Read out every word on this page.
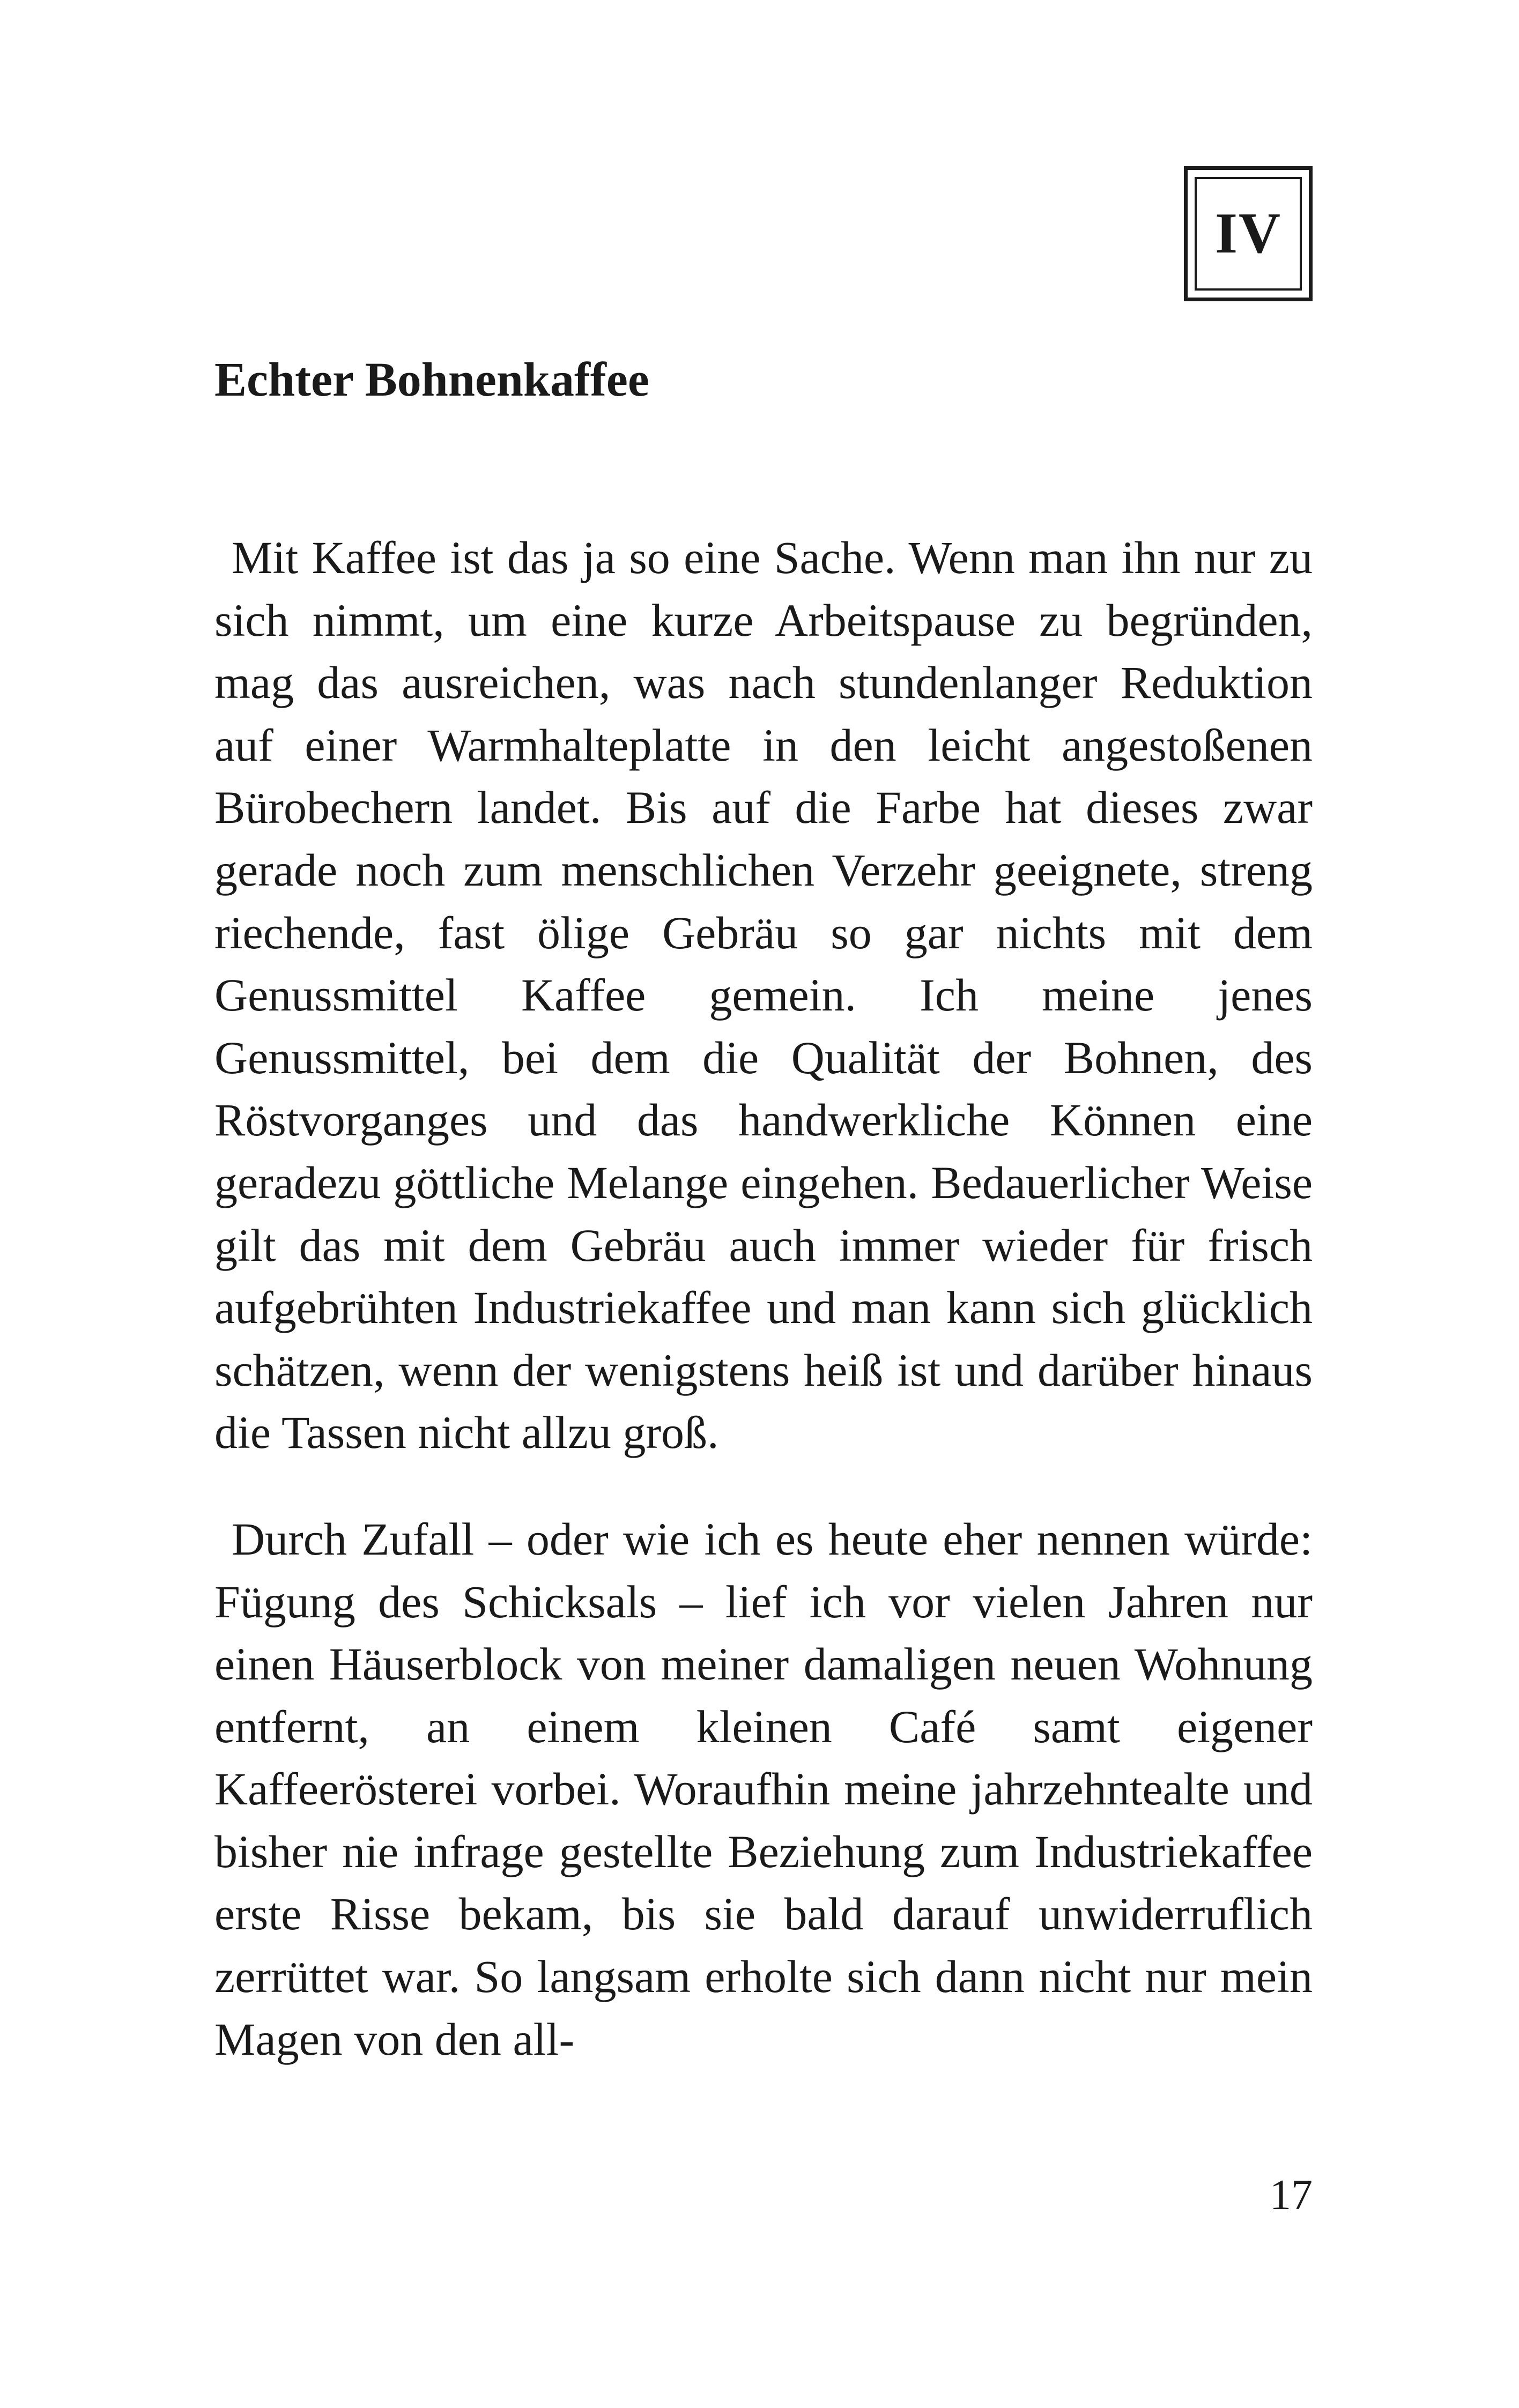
IV
Echter Bohnenkaffee

Mit Kaffee ist das ja so eine Sache. Wenn man ihn nur zu sich nimmt, um eine kurze Arbeitspause zu begründen, mag das ausreichen, was nach stundenlanger Reduktion auf einer Warmhalteplatte in den leicht angestoßenen Bürobechern landet. Bis auf die Farbe hat dieses zwar gerade noch zum menschlichen Verzehr geeignete, streng riechende, fast ölige Gebräu so gar nichts mit dem Genussmittel Kaffee gemein. Ich meine jenes Genussmittel, bei dem die Qualität der Bohnen, des Röstvorganges und das handwerkliche Können eine geradezu göttliche Melange eingehen. Bedauerlicher Weise gilt das mit dem Gebräu auch immer wieder für frisch aufgebrühten Industriekaffee und man kann sich glücklich schätzen, wenn der wenigstens heiß ist und darüber hinaus die Tassen nicht allzu groß.

Durch Zufall – oder wie ich es heute eher nennen würde: Fügung des Schicksals – lief ich vor vielen Jahren nur einen Häuserblock von meiner damaligen neuen Wohnung entfernt, an einem kleinen Café samt eigener Kaffeerösterei vorbei. Woraufhin meine jahrzehntealte und bisher nie infrage gestellte Beziehung zum Industriekaffee erste Risse bekam, bis sie bald darauf unwiderruflich zerrüttet war. So langsam erholte sich dann nicht nur mein Magen von den all-

17
